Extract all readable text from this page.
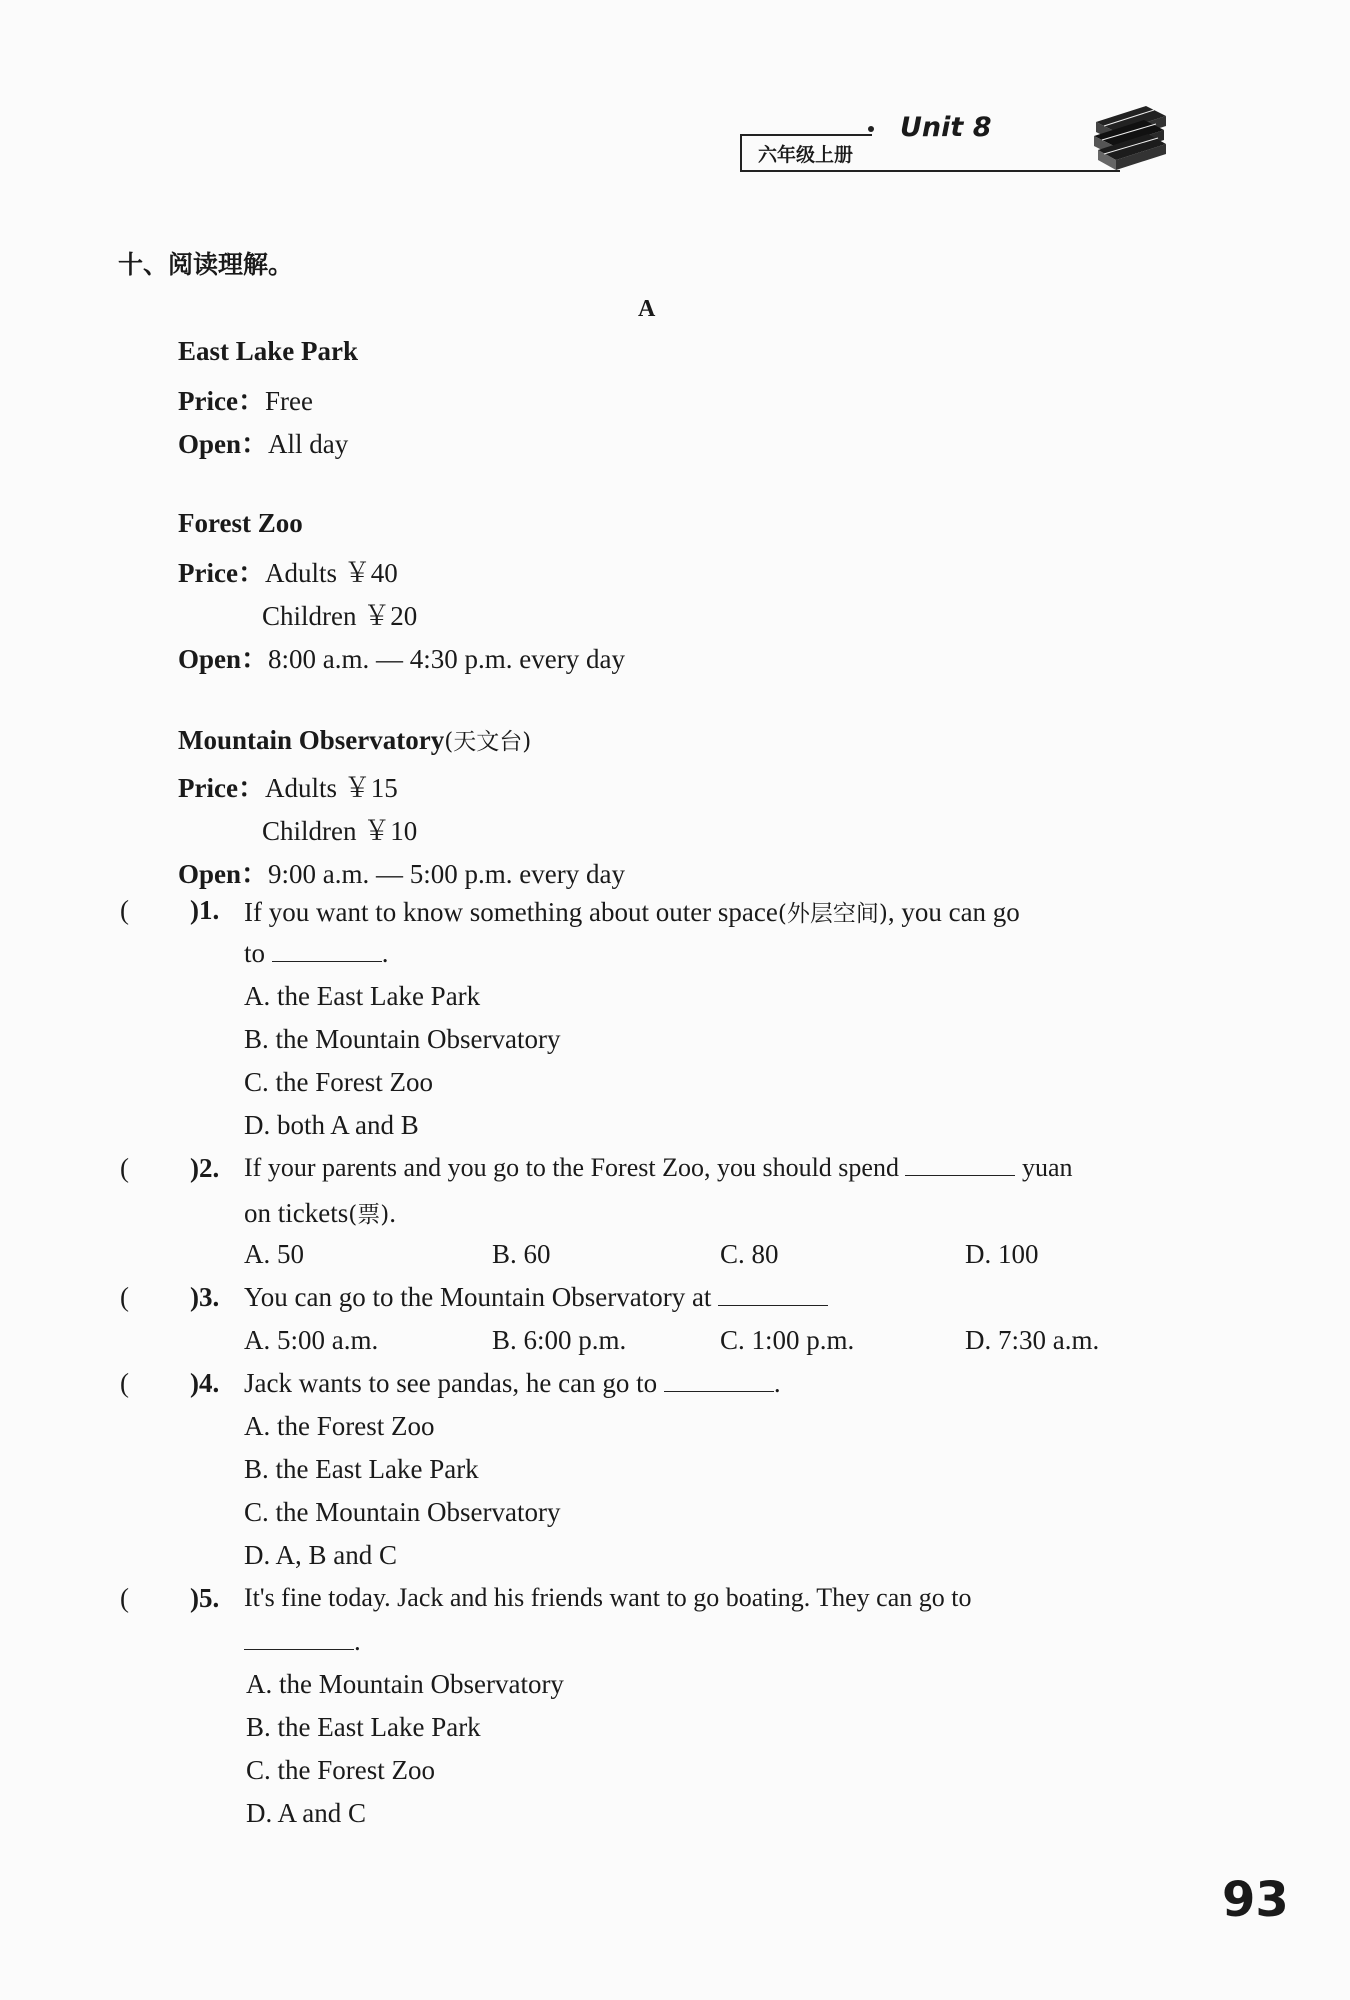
六年级上册
Unit 8
十、阅读理解。
A
East Lake Park
Price：Free
Open：All day
Forest Zoo
Price：Adults ￥40
Children ￥20
Open：8:00 a.m. — 4:30 p.m. every day
Mountain Observatory(天文台)
Price：Adults ￥15
Children ￥10
Open：9:00 a.m. — 5:00 p.m. every day
( )1. If you want to know something about outer space(外层空间), you can go
to	.
A. the East Lake Park
B. the Mountain Observatory
C. the Forest Zoo
D. both A and B
( )2. If your parents and you go to the Forest Zoo, you should spend	yuan
on tickets(票).
A. 50	B. 60	C. 80	D. 100
( )3. You can go to the Mountain Observatory at
A. 5:00 a.m.	B. 6:00 p.m.	C. 1:00 p.m.	D. 7:30 a.m.
( )4. Jack wants to see pandas, he can go to	.
A. the Forest Zoo
B. the East Lake Park
C. the Mountain Observatory
D. A, B and C
( )5. It's fine today. Jack and his friends want to go boating. They can go to
.
A. the Mountain Observatory
B. the East Lake Park
C. the Forest Zoo
D. A and C
93
